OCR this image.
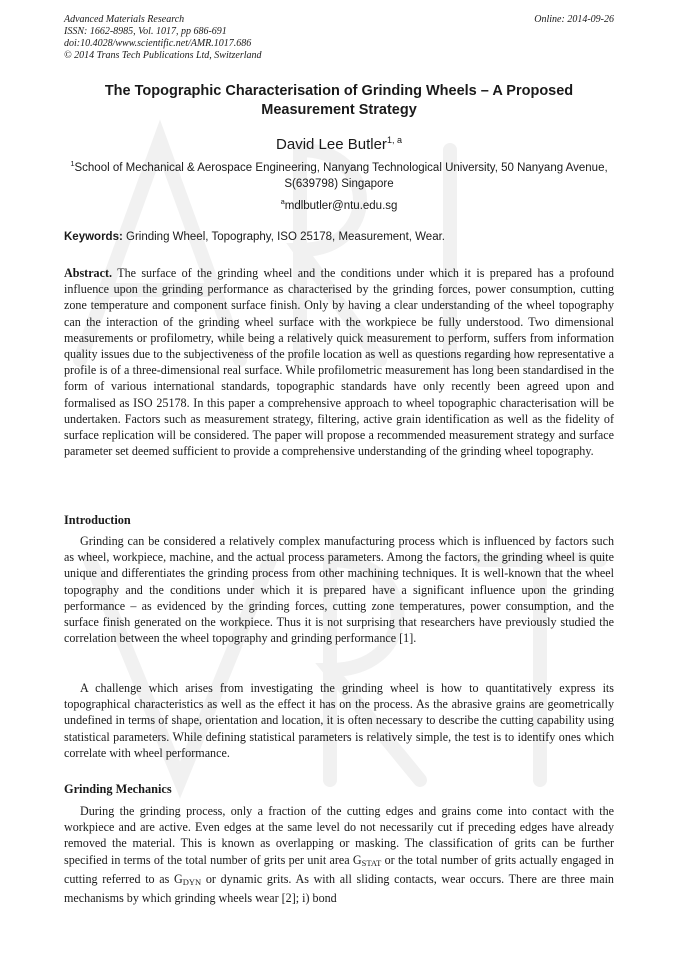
Advanced Materials Research
ISSN: 1662-8985, Vol. 1017, pp 686-691
doi:10.4028/www.scientific.net/AMR.1017.686
© 2014 Trans Tech Publications Ltd, Switzerland
Online: 2014-09-26
The Topographic Characterisation of Grinding Wheels – A Proposed Measurement Strategy
David Lee Butler$^{1, a}$
$^1$School of Mechanical & Aerospace Engineering, Nanyang Technological University, 50 Nanyang Avenue, S(639798) Singapore
$^a$mdlbutler@ntu.edu.sg
Keywords: Grinding Wheel, Topography, ISO 25178, Measurement, Wear.

Abstract. The surface of the grinding wheel and the conditions under which it is prepared has a profound influence upon the grinding performance as characterised by the grinding forces, power consumption, cutting zone temperature and component surface finish. Only by having a clear understanding of the wheel topography can the interaction of the grinding wheel surface with the workpiece be fully understood. Two dimensional measurements or profilometry, while being a relatively quick measurement to perform, suffers from information quality issues due to the subjectiveness of the profile location as well as questions regarding how representative a profile is of a three-dimensional real surface. While profilometric measurement has long been standardised in the form of various international standards, topographic standards have only recently been agreed upon and formalised as ISO 25178. In this paper a comprehensive approach to wheel topographic characterisation will be undertaken. Factors such as measurement strategy, filtering, active grain identification as well as the fidelity of surface replication will be considered. The paper will propose a recommended measurement strategy and surface parameter set deemed sufficient to provide a comprehensive understanding of the grinding wheel topography.

Introduction

Grinding can be considered a relatively complex manufacturing process which is influenced by factors such as wheel, workpiece, machine, and the actual process parameters. Among the factors, the grinding wheel is quite unique and differentiates the grinding process from other machining techniques. It is well-known that the wheel topography and the conditions under which it is prepared have a significant influence upon the grinding performance – as evidenced by the grinding forces, cutting zone temperatures, power consumption, and the surface finish generated on the workpiece. Thus it is not surprising that researchers have previously studied the correlation between the wheel topography and grinding performance [1].

A challenge which arises from investigating the grinding wheel is how to quantitatively express its topographical characteristics as well as the effect it has on the process. As the abrasive grains are geometrically undefined in terms of shape, orientation and location, it is often necessary to describe the cutting capability using statistical parameters. While defining statistical parameters is relatively simple, the test is to identify ones which correlate with wheel performance.

Grinding Mechanics

During the grinding process, only a fraction of the cutting edges and grains come into contact with the workpiece and are active. Even edges at the same level do not necessarily cut if preceding edges have already removed the material. This is known as overlapping or masking. The classification of grits can be further specified in terms of the total number of grits per unit area $G_{STAT}$ or the total number of grits actually engaged in cutting referred to as $G_{DYN}$ or dynamic grits. As with all sliding contacts, wear occurs. There are three main mechanisms by which grinding wheels wear [2]; i) bond
